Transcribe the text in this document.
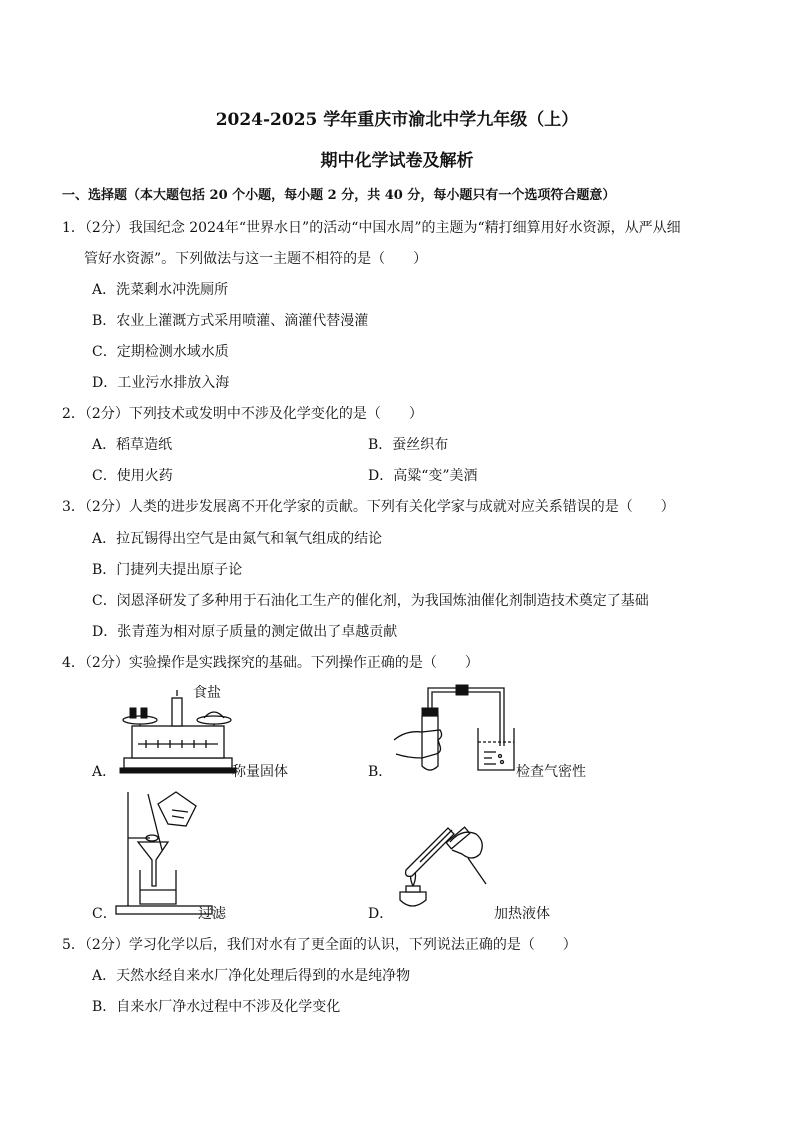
2024-2025 学年重庆市渝北中学九年级（上）
期中化学试卷及解析
一、选择题（本大题包括 20 个小题，每小题 2 分，共 40 分，每小题只有一个选项符合题意）
1．（2分）我国纪念 2024年“世界水日”的活动“中国水周”的主题为“精打细算用好水资源，从严从细
管好水资源”。下列做法与这一主题不相符的是（　　）
A．洗菜剩水冲洗厕所
B．农业上灌溉方式采用喷灌、滴灌代替漫灌
C．定期检测水域水质
D．工业污水排放入海
2．（2分）下列技术或发明中不涉及化学变化的是（　　）
A．稻草造纸	B．蚕丝织布
C．使用火药	D．高粱“变”美酒
3．（2分）人类的进步发展离不开化学家的贡献。下列有关化学家与成就对应关系错误的是（　　）
A．拉瓦锡得出空气是由氮气和氧气组成的结论
B．门捷列夫提出原子论
C．闵恩泽研发了多种用于石油化工生产的催化剂，为我国炼油催化剂制造技术奠定了基础
D．张青莲为相对原子质量的测定做出了卓越贡献
4．（2分）实验操作是实践探究的基础。下列操作正确的是（　　）
食盐
A．	称量固体	B．	检查气密性
C．	过滤	D．	加热液体
5．（2分）学习化学以后，我们对水有了更全面的认识，下列说法正确的是（　　）
A．天然水经自来水厂净化处理后得到的水是纯净物
B．自来水厂净水过程中不涉及化学变化
